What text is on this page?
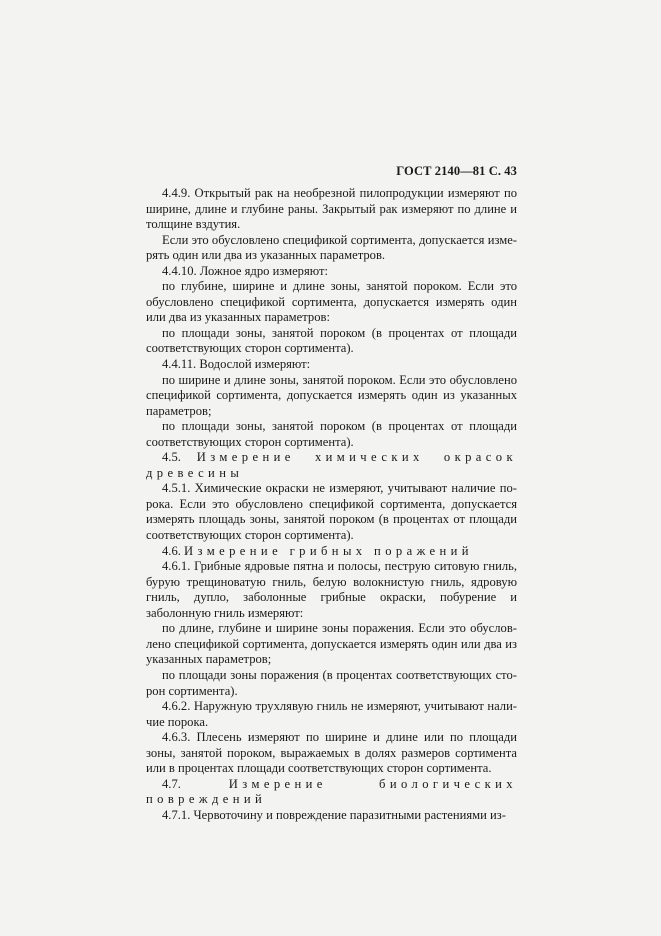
ГОСТ 2140—81 С. 43

4.4.9. Открытый рак на необрезной пилопродукции измеряют по ширине, длине и глубине раны. Закрытый рак измеряют по длине и толщине вздутия.

Если это обусловлено спецификой сортимента, допускается изме-рять один или два из указанных параметров.

4.4.10. Ложное ядро измеряют:

по глубине, ширине и длине зоны, занятой пороком. Если это обусловлено спецификой сортимента, допускается измерять один или два из указанных параметров:

по площади зоны, занятой пороком (в процентах от площади соответствующих сторон сортимента).

4.4.11. Водослой измеряют:

по ширине и длине зоны, занятой пороком. Если это обусловлено спецификой сортимента, допускается измерять один из указанных параметров;

по площади зоны, занятой пороком (в процентах от площади соответствующих сторон сортимента).

4.5. Измерение химических окрасок древесины

4.5.1. Химические окраски не измеряют, учитывают наличие по-рока. Если это обусловлено спецификой сортимента, допускается измерять площадь зоны, занятой пороком (в процентах от площади соответствующих сторон сортимента).

4.6. Измерение грибных поражений

4.6.1. Грибные ядровые пятна и полосы, пеструю ситовую гниль, бурую трещиноватую гниль, белую волокнистую гниль, ядровую гниль, дупло, заболонные грибные окраски, побурение и заболонную гниль измеряют:

по длине, глубине и ширине зоны поражения. Если это обуслов-лено спецификой сортимента, допускается измерять один или два из указанных параметров;

по площади зоны поражения (в процентах соответствующих сто-рон сортимента).

4.6.2. Наружную трухлявую гниль не измеряют, учитывают нали-чие порока.

4.6.3. Плесень измеряют по ширине и длине или по площади зоны, занятой пороком, выражаемых в долях размеров сортимента или в процентах площади соответствующих сторон сортимента.

4.7.	Измерение биологических повреждений

4.7.1. Червоточину и повреждение паразитными растениями из-
